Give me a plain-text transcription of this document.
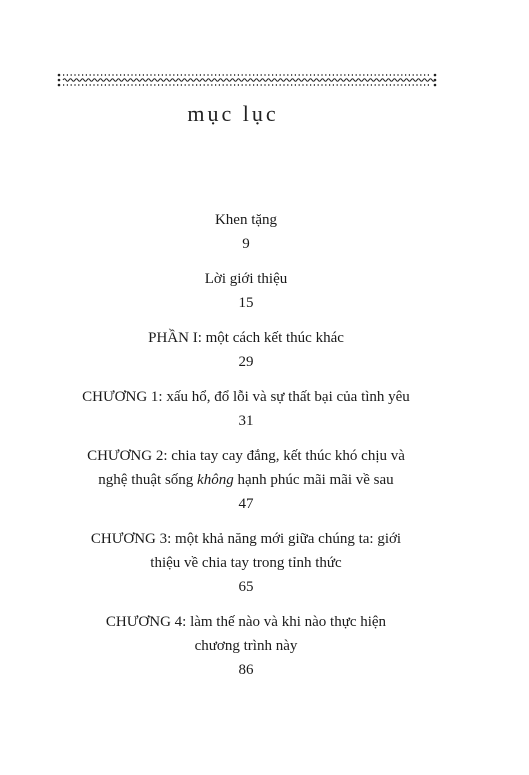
mục lục
Khen tặng
9
Lời giới thiệu
15
PHẦN I: một cách kết thúc khác
29
CHƯƠNG 1: xấu hổ, đổ lỗi và sự thất bại của tình yêu
31
CHƯƠNG 2: chia tay cay đắng, kết thúc khó chịu và
nghệ thuật sống không hạnh phúc mãi mãi về sau
47
CHƯƠNG 3: một khả năng mới giữa chúng ta: giới
thiệu về chia tay trong tỉnh thức
65
CHƯƠNG 4: làm thế nào và khi nào thực hiện
chương trình này
86
